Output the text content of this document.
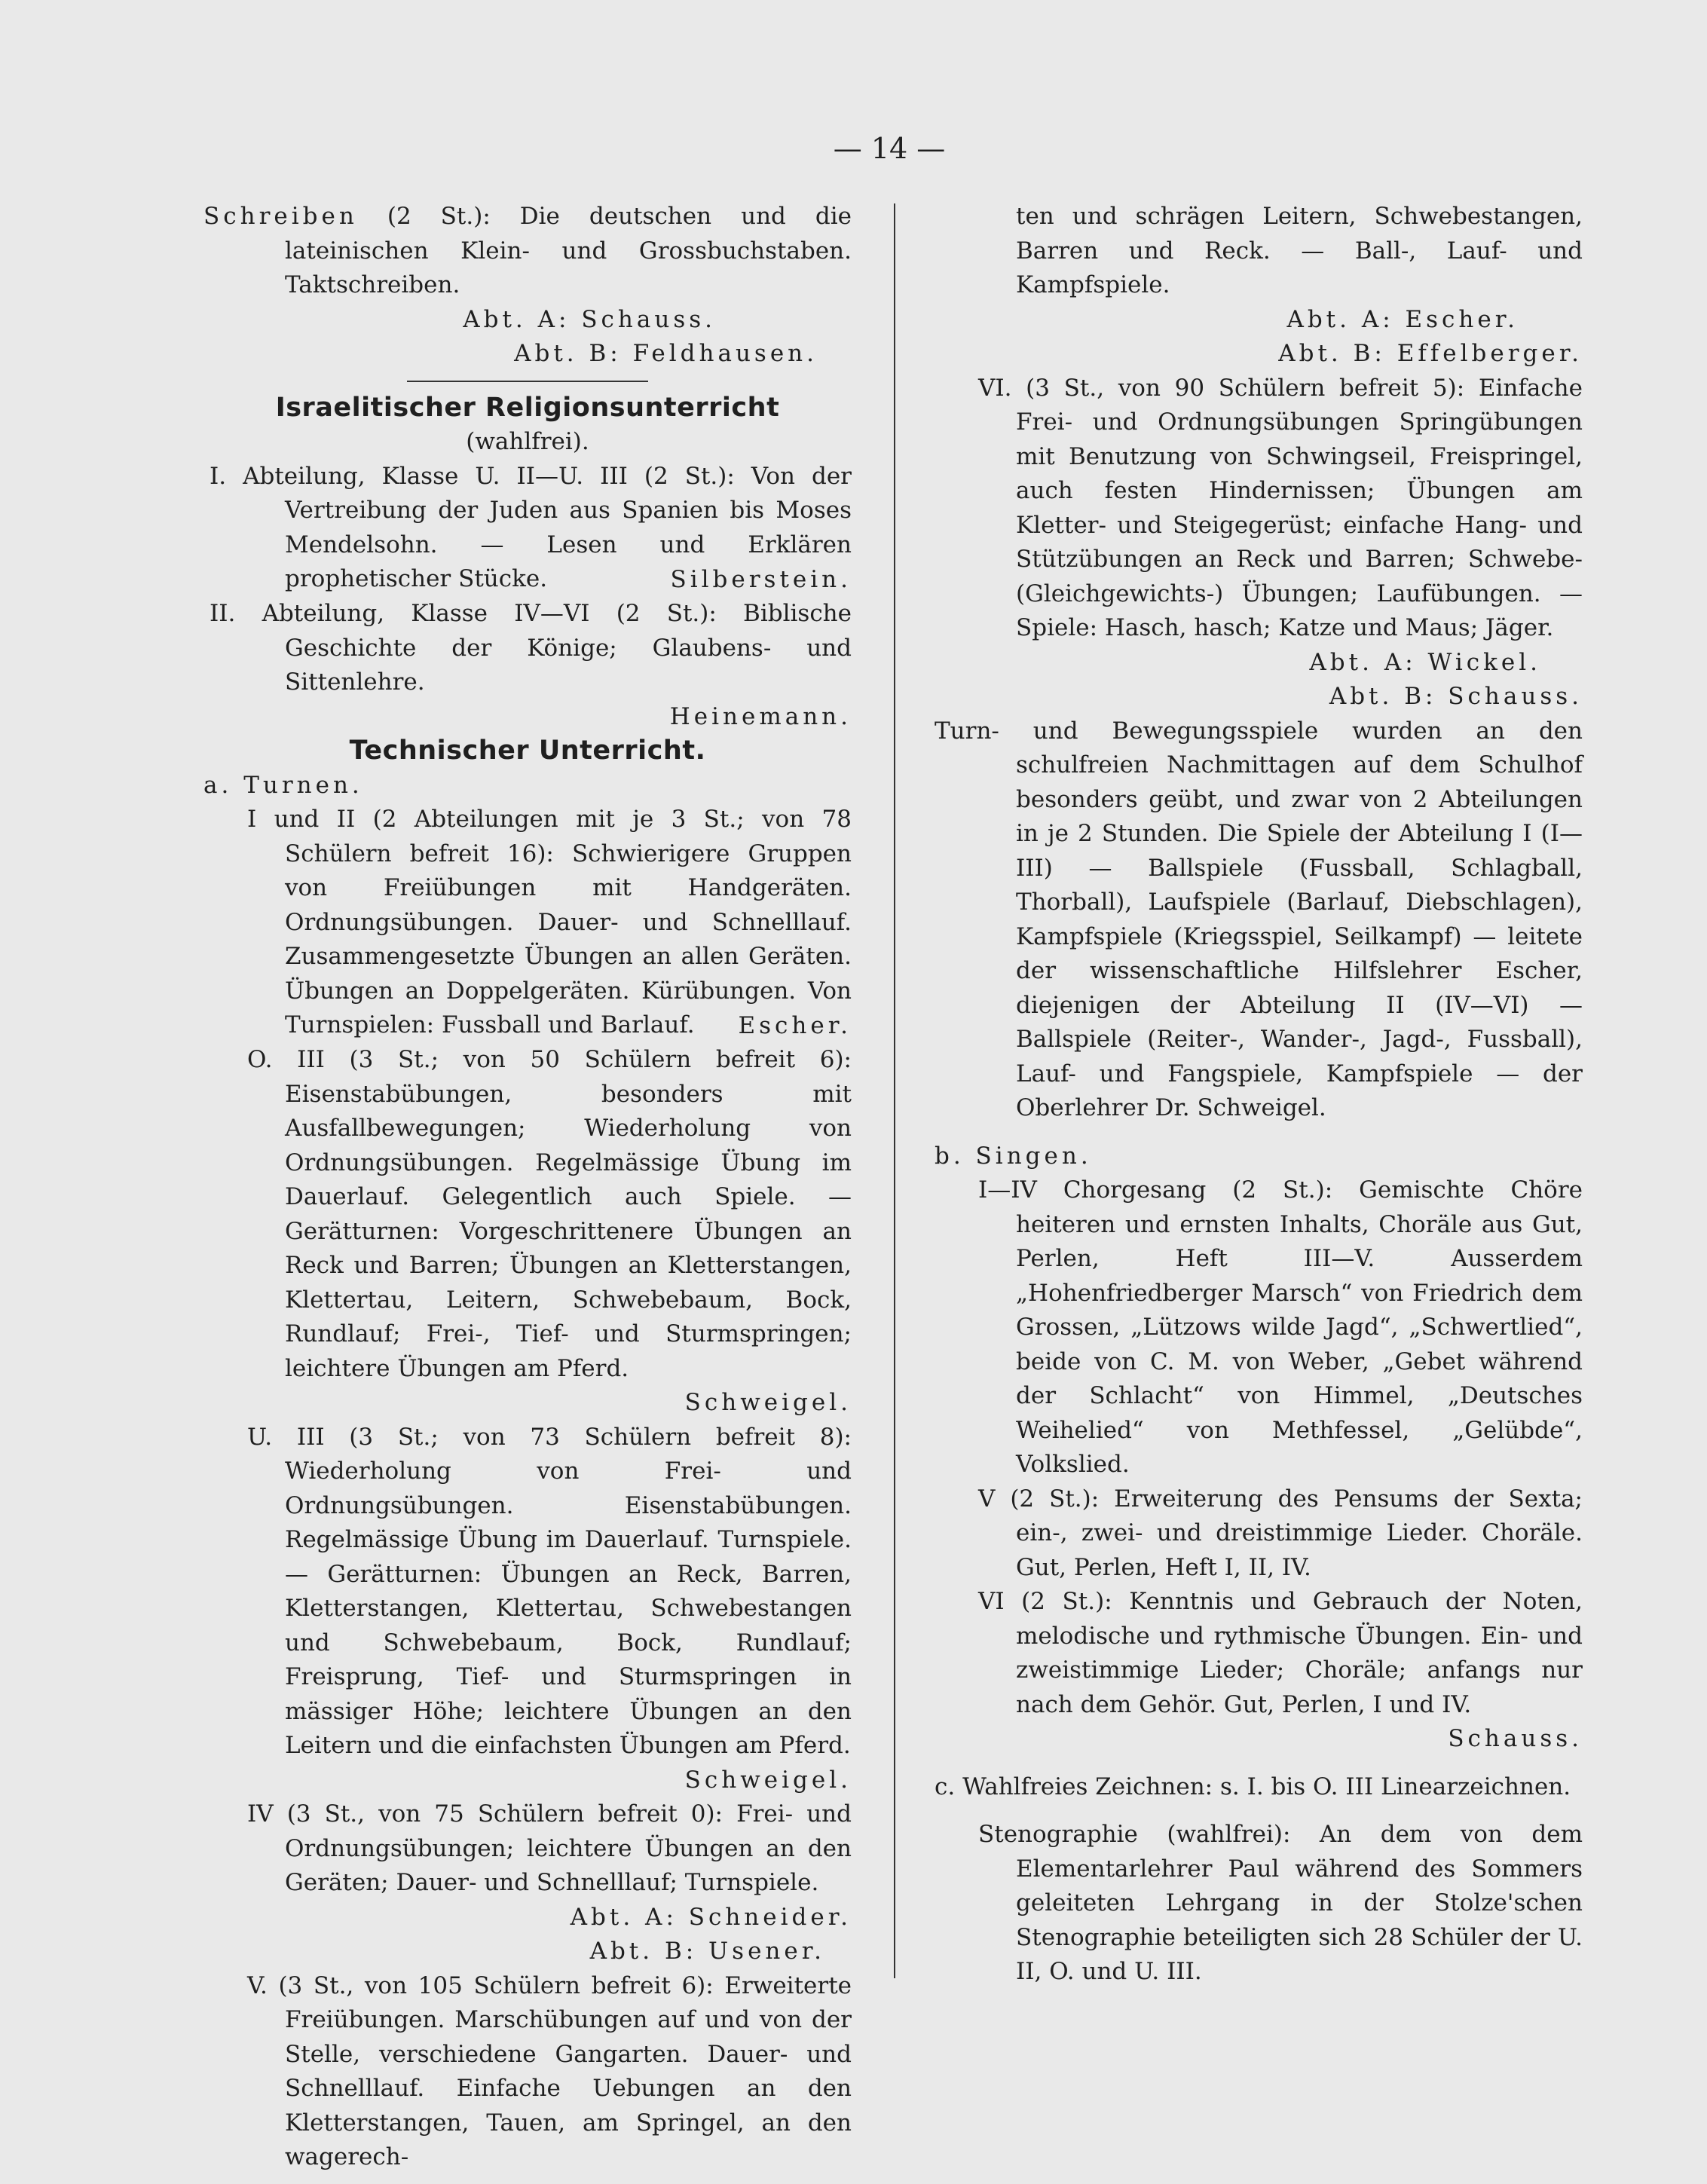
— 14 —

Schreiben (2 St.): Die deutschen und die lateinischen Klein- und Grossbuchstaben. Taktschreiben.

Abt. A: Schauss.

Abt. B: Feldhausen.

Israelitischer Religionsunterricht

(wahlfrei).

I. Abteilung, Klasse U. II—U. III (2 St.): Von der Vertreibung der Juden aus Spanien bis Moses Mendelsohn. — Lesen und Erklären prophetischer Stücke.	Silberstein.

II. Abteilung, Klasse IV—VI (2 St.): Biblische Geschichte der Könige; Glaubens- und Sittenlehre.

Heinemann.

Technischer Unterricht.

a. Turnen.

I und II (2 Abteilungen mit je 3 St.; von 78 Schülern befreit 16): Schwierigere Gruppen von Freiübungen mit Handgeräten. Ordnungsübungen. Dauer- und Schnelllauf. Zusammengesetzte Übungen an allen Geräten. Übungen an Doppelgeräten. Kürübungen. Von Turnspielen: Fussball und Barlauf.	Escher.

O. III (3 St.; von 50 Schülern befreit 6): Eisenstabübungen, besonders mit Ausfallbewegungen; Wiederholung von Ordnungsübungen. Regelmässige Übung im Dauerlauf. Gelegentlich auch Spiele. — Gerätturnen: Vorgeschrittenere Übungen an Reck und Barren; Übungen an Kletterstangen, Klettertau, Leitern, Schwebebaum, Bock, Rundlauf; Frei-, Tief- und Sturmspringen; leichtere Übungen am Pferd.

Schweigel.

U. III (3 St.; von 73 Schülern befreit 8): Wiederholung von Frei- und Ordnungsübungen. Eisenstabübungen. Regelmässige Übung im Dauerlauf. Turnspiele. — Gerätturnen: Übungen an Reck, Barren, Kletterstangen, Klettertau, Schwebestangen und Schwebebaum, Bock, Rundlauf; Freisprung, Tief- und Sturmspringen in mässiger Höhe; leichtere Übungen an den Leitern und die einfachsten Übungen am Pferd.

Schweigel.

IV (3 St., von 75 Schülern befreit 0): Frei- und Ordnungsübungen; leichtere Übungen an den Geräten; Dauer- und Schnelllauf; Turnspiele.

Abt. A: Schneider.

Abt. B: Usener.

V. (3 St., von 105 Schülern befreit 6): Erweiterte Freiübungen. Marschübungen auf und von der Stelle, verschiedene Gangarten. Dauer- und Schnelllauf. Einfache Uebungen an den Kletterstangen, Tauen, am Springel, an den wagerech-

ten und schrägen Leitern, Schwebestangen, Barren und Reck. — Ball-, Lauf- und Kampfspiele.

Abt. A: Escher.

Abt. B: Effelberger.

VI. (3 St., von 90 Schülern befreit 5): Einfache Frei- und Ordnungsübungen Springübungen mit Benutzung von Schwingseil, Freispringel, auch festen Hindernissen; Übungen am Kletter- und Steigegerüst; einfache Hang- und Stützübungen an Reck und Barren; Schwebe- (Gleichgewichts-) Übungen; Laufübungen. — Spiele: Hasch, hasch; Katze und Maus; Jäger.

Abt. A: Wickel.

Abt. B: Schauss.

Turn- und Bewegungsspiele wurden an den schulfreien Nachmittagen auf dem Schulhof besonders geübt, und zwar von 2 Abteilungen in je 2 Stunden. Die Spiele der Abteilung I (I—III) — Ballspiele (Fussball, Schlagball, Thorball), Laufspiele (Barlauf, Diebschlagen), Kampfspiele (Kriegsspiel, Seilkampf) — leitete der wissenschaftliche Hilfslehrer Escher, diejenigen der Abteilung II (IV—VI) — Ballspiele (Reiter-, Wander-, Jagd-, Fussball), Lauf- und Fangspiele, Kampfspiele — der Oberlehrer Dr. Schweigel.

b. Singen.

I—IV Chorgesang (2 St.): Gemischte Chöre heiteren und ernsten Inhalts, Choräle aus Gut, Perlen, Heft III—V. Ausserdem „Hohenfriedberger Marsch“ von Friedrich dem Grossen, „Lützows wilde Jagd“, „Schwertlied“, beide von C. M. von Weber, „Gebet während der Schlacht“ von Himmel, „Deutsches Weihelied“ von Methfessel, „Gelübde“, Volkslied.

V (2 St.): Erweiterung des Pensums der Sexta; ein-, zwei- und dreistimmige Lieder. Choräle. Gut, Perlen, Heft I, II, IV.

VI (2 St.): Kenntnis und Gebrauch der Noten, melodische und rythmische Übungen. Ein- und zweistimmige Lieder; Choräle; anfangs nur nach dem Gehör. Gut, Perlen, I und IV.

Schauss.

c. Wahlfreies Zeichnen: s. I. bis O. III Linearzeichnen.

Stenographie (wahlfrei): An dem von dem Elementarlehrer Paul während des Sommers geleiteten Lehrgang in der Stolze'schen Stenographie beteiligten sich 28 Schüler der U. II, O. und U. III.
